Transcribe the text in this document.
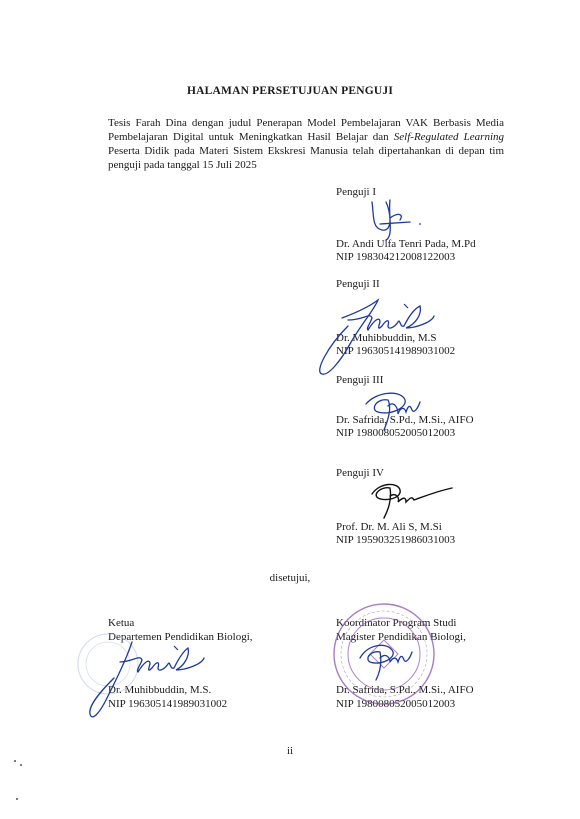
HALAMAN PERSETUJUAN PENGUJI
Tesis Farah Dina dengan judul Penerapan Model Pembelajaran VAK Berbasis Media Pembelajaran Digital untuk Meningkatkan Hasil Belajar dan Self-Regulated Learning Peserta Didik pada Materi Sistem Ekskresi Manusia telah dipertahankan di depan tim penguji pada tanggal 15 Juli 2025
Penguji I
Dr. Andi Ulfa Tenri Pada, M.Pd
NIP 198304212008122003
Penguji II
Dr. Muhibbuddin, M.S
NIP 196305141989031002
Penguji III
Dr. Safrida, S.Pd., M.Si., AIFO
NIP 198008052005012003
Penguji IV
Prof. Dr. M. Ali S, M.Si
NIP 195903251986031003
disetujui,
Ketua
Departemen Pendidikan Biologi,
Dr. Muhibbuddin, M.S.
NIP 196305141989031002
Koordinator Program Studi
Magister Pendidikan Biologi,
Dr. Safrida, S.Pd., M.Si., AIFO
NIP 198008052005012003
ii
